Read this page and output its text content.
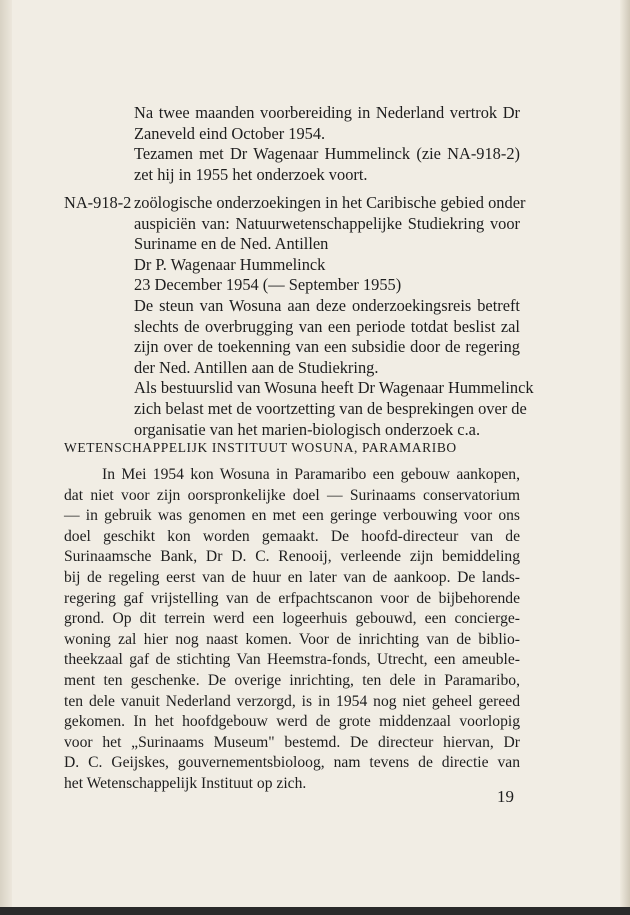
Na twee maanden voorbereiding in Nederland vertrok Dr
Zaneveld eind October 1954.
Tezamen met Dr Wagenaar Hummelinck (zie NA-918-2)
zet hij in 1955 het onderzoek voort.
NA-918-2 zoölogische onderzoekingen in het Caribische gebied onder
auspiciën van: Natuurwetenschappelijke Studiekring voor
Suriname en de Ned. Antillen
Dr P. Wagenaar Hummelinck
23 December 1954 (— September 1955)
De steun van Wosuna aan deze onderzoekingsreis betreft
slechts de overbrugging van een periode totdat beslist zal
zijn over de toekenning van een subsidie door de regering
der Ned. Antillen aan de Studiekring.
Als bestuurslid van Wosuna heeft Dr Wagenaar Hummelinck
zich belast met de voortzetting van de besprekingen over de
organisatie van het marien-biologisch onderzoek c.a.
WETENSCHAPPELIJK INSTITUUT WOSUNA, PARAMARIBO
In Mei 1954 kon Wosuna in Paramaribo een gebouw aankopen,
dat niet voor zijn oorspronkelijke doel — Surinaams conservatorium
— in gebruik was genomen en met een geringe verbouwing voor ons
doel geschikt kon worden gemaakt. De hoofd-directeur van de
Surinaamsche Bank, Dr D. C. Renooij, verleende zijn bemiddeling
bij de regeling eerst van de huur en later van de aankoop. De lands-
regering gaf vrijstelling van de erfpachtscanon voor de bijbehorende
grond. Op dit terrein werd een logeerhuis gebouwd, een concierge-
woning zal hier nog naast komen. Voor de inrichting van de biblio-
theekzaal gaf de stichting Van Heemstra-fonds, Utrecht, een ameuble-
ment ten geschenke. De overige inrichting, ten dele in Paramaribo,
ten dele vanuit Nederland verzorgd, is in 1954 nog niet geheel gereed
gekomen. In het hoofdgebouw werd de grote middenzaal voorlopig
voor het „Surinaams Museum" bestemd. De directeur hiervan, Dr
D. C. Geijskes, gouvernementsbioloog, nam tevens de directie van
het Wetenschappelijk Instituut op zich.
19
